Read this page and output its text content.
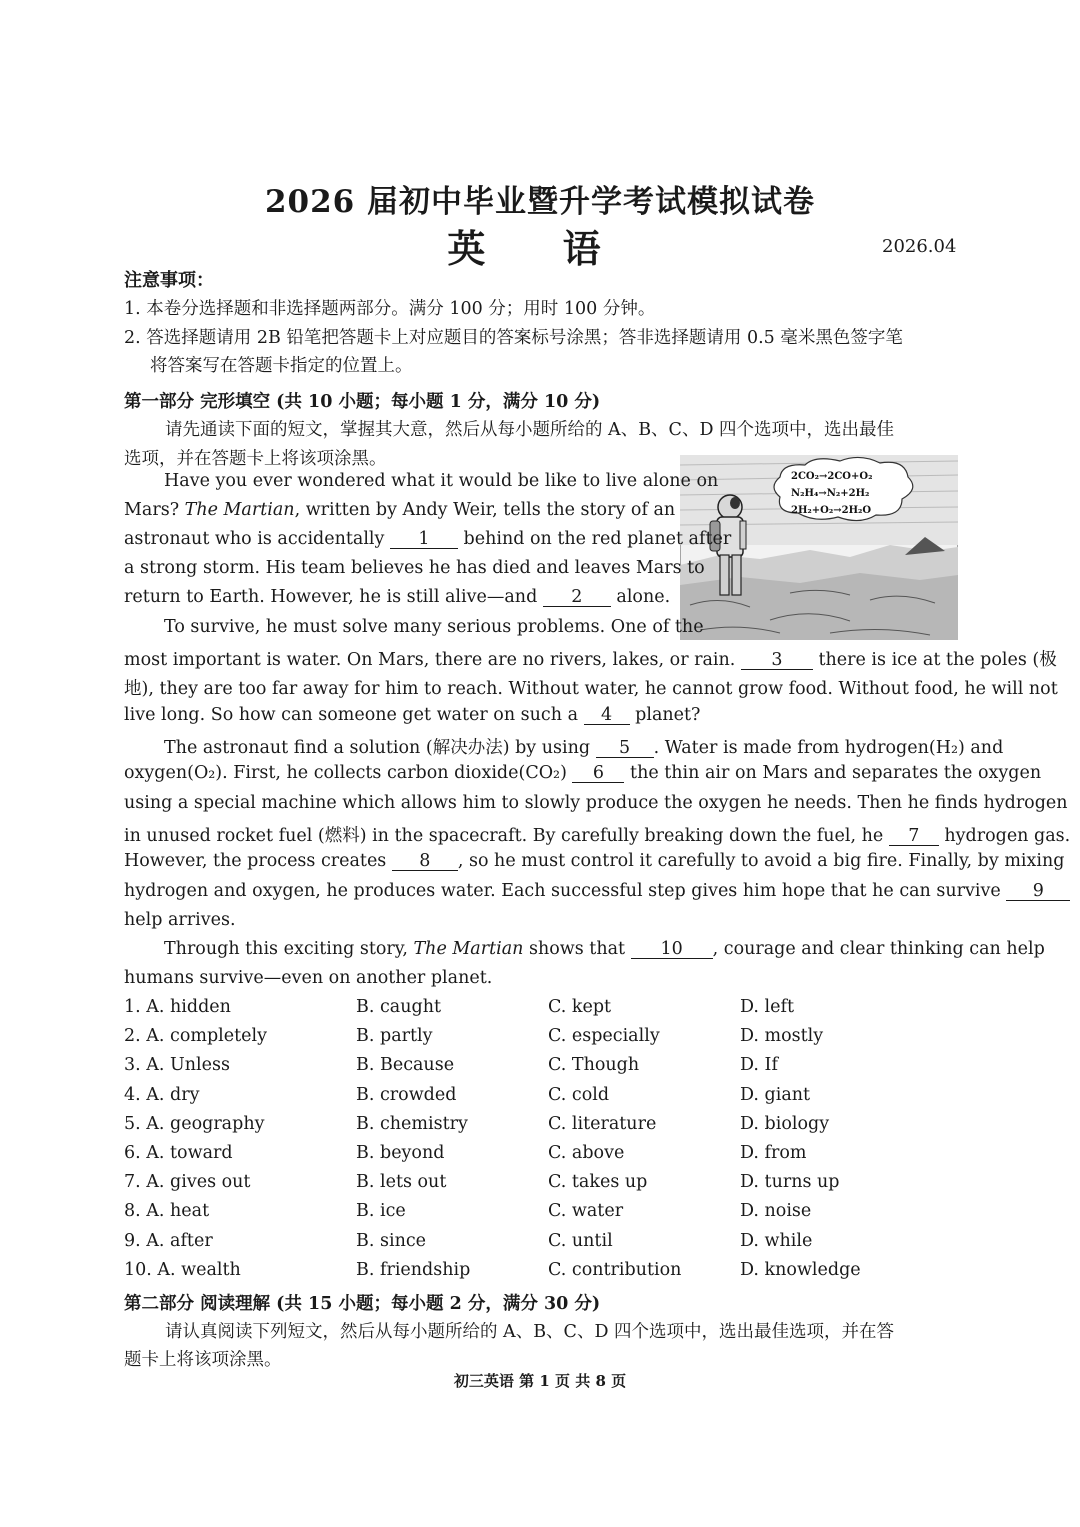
2026 届初中毕业暨升学考试模拟试卷
英 语	2026.04
注意事项：
1. 本卷分选择题和非选择题两部分。满分 100 分；用时 100 分钟。
2. 答选择题请用 2B 铅笔把答题卡上对应题目的答案标号涂黑；答非选择题请用 0.5 毫米黑色签字笔
将答案写在答题卡指定的位置上。
第一部分 完形填空 (共 10 小题；每小题 1 分，满分 10 分)
请先通读下面的短文，掌握其大意，然后从每小题所给的 A、B、C、D 四个选项中，选出最佳
选项，并在答题卡上将该项涂黑。
2CO₂→2CO+O₂
N₂H₄→N₂+2H₂
2H₂+O₂→2H₂O
Have you ever wondered what it would be like to live alone on
Mars? The Martian, written by Andy Weir, tells the story of an
astronaut who is accidentally 1 behind on the red planet after
a strong storm. His team believes he has died and leaves Mars to
return to Earth. However, he is still alive—and 2 alone.
To survive, he must solve many serious problems. One of the
most important is water. On Mars, there are no rivers, lakes, or rain. 3 there is ice at the poles (极
地), they are too far away for him to reach. Without water, he cannot grow food. Without food, he will not
live long. So how can someone get water on such a 4 planet?
The astronaut find a solution (解决办法) by using 5 . Water is made from hydrogen(H₂) and
oxygen(O₂). First, he collects carbon dioxide(CO₂) 6 the thin air on Mars and separates the oxygen
using a special machine which allows him to slowly produce the oxygen he needs. Then he finds hydrogen
in unused rocket fuel (燃料) in the spacecraft. By carefully breaking down the fuel, he 7 hydrogen gas.
However, the process creates 8 , so he must control it carefully to avoid a big fire. Finally, by mixing
hydrogen and oxygen, he produces water. Each successful step gives him hope that he can survive 9
help arrives.
Through this exciting story, The Martian shows that 10 , courage and clear thinking can help
humans survive—even on another planet.
1. A. hidden	B. caught	C. kept	D. left
2. A. completely	B. partly	C. especially	D. mostly
3. A. Unless	B. Because	C. Though	D. If
4. A. dry	B. crowded	C. cold	D. giant
5. A. geography	B. chemistry	C. literature	D. biology
6. A. toward	B. beyond	C. above	D. from
7. A. gives out	B. lets out	C. takes up	D. turns up
8. A. heat	B. ice	C. water	D. noise
9. A. after	B. since	C. until	D. while
10. A. wealth	B. friendship	C. contribution	D. knowledge
第二部分 阅读理解 (共 15 小题；每小题 2 分，满分 30 分)
请认真阅读下列短文，然后从每小题所给的 A、B、C、D 四个选项中，选出最佳选项，并在答
题卡上将该项涂黑。
初三英语 第 1 页 共 8 页
